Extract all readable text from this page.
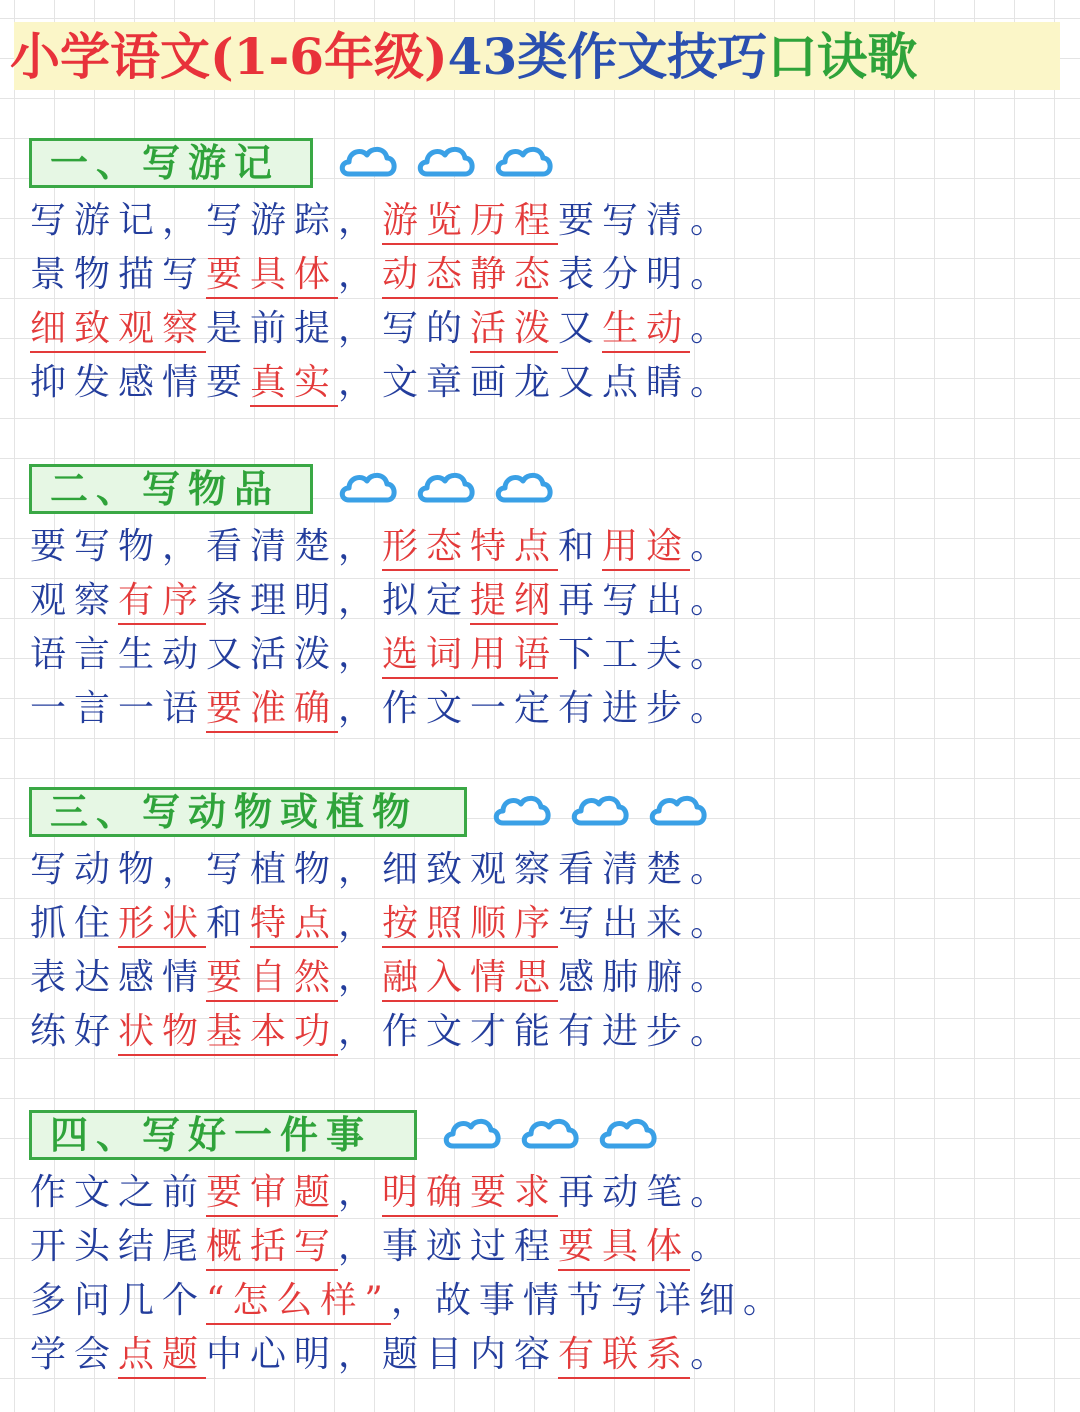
小学语文(1-6年级)43类作文技巧口诀歌
一、写游记
写游记，写游踪，游览历程要写清。
景物描写要具体，动态静态表分明。
细致观察是前提，写的活泼又生动。
抑发感情要真实，文章画龙又点睛。
二、写物品
要写物，看清楚，形态特点和用途。
观察有序条理明，拟定提纲再写出。
语言生动又活泼，选词用语下工夫。
一言一语要准确，作文一定有进步。
三、写动物或植物
写动物，写植物，细致观察看清楚。
抓住形状和特点，按照顺序写出来。
表达感情要自然，融入情思感肺腑。
练好状物基本功，作文才能有进步。
四、写好一件事
作文之前要审题，明确要求再动笔。
开头结尾概括写，事迹过程要具体。
多问几个“怎么样”，故事情节写详细。
学会点题中心明，题目内容有联系。
